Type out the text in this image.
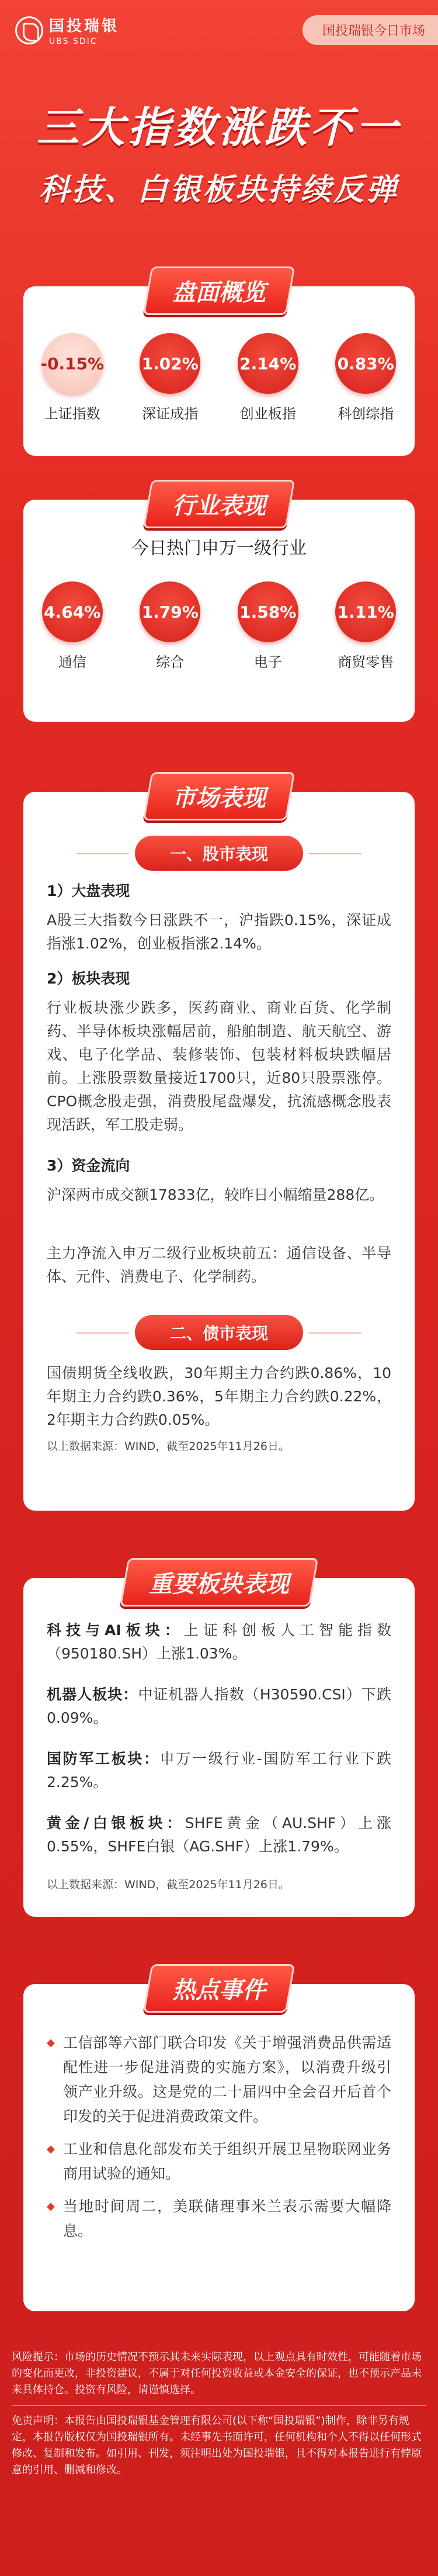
国投瑞银
UBS SDIC
国投瑞银今日市场
三大指数涨跌不一
科技、白银板块持续反弹
盘面概览
-0.15%
上证指数
1.02%
深证成指
2.14%
创业板指
0.83%
科创综指
行业表现
今日热门申万一级行业
4.64%
通信
1.79%
综合
1.58%
电子
1.11%
商贸零售
市场表现
一、股市表现
1）大盘表现
A股三大指数今日涨跌不一，沪指跌0.15%，深证成指涨1.02%，创业板指涨2.14%。
2）板块表现
行业板块涨少跌多，医药商业、商业百货、化学制药、半导体板块涨幅居前，船舶制造、航天航空、游戏、电子化学品、装修装饰、包装材料板块跌幅居前。上涨股票数量接近1700只，近80只股票涨停。CPO概念股走强，消费股尾盘爆发，抗流感概念股表现活跃，军工股走弱。
3）资金流向
沪深两市成交额17833亿，较昨日小幅缩量288亿。
主力净流入申万二级行业板块前五：通信设备、半导体、元件、消费电子、化学制药。
二、债市表现
国债期货全线收跌，30年期主力合约跌0.86%，10年期主力合约跌0.36%，5年期主力合约跌0.22%，2年期主力合约跌0.05%。
以上数据来源：WIND，截至2025年11月26日。
重要板块表现
科技与AI板块：上证科创板人工智能指数（950180.SH）上涨1.03%。
机器人板块：中证机器人指数（H30590.CSI）下跌0.09%。
国防军工板块：申万一级行业-国防军工行业下跌2.25%。
黄金/白银板块：SHFE黄金（AU.SHF）上涨0.55%，SHFE白银（AG.SHF）上涨1.79%。
以上数据来源：WIND，截至2025年11月26日。
热点事件
◆ 工信部等六部门联合印发《关于增强消费品供需适配性进一步促进消费的实施方案》，以消费升级引领产业升级。这是党的二十届四中全会召开后首个印发的关于促进消费政策文件。
◆ 工业和信息化部发布关于组织开展卫星物联网业务商用试验的通知。
◆ 当地时间周二，美联储理事米兰表示需要大幅降息。

风险提示：市场的历史情况不预示其未来实际表现，以上观点具有时效性，可能随着市场的变化而更改，非投资建议，不属于对任何投资收益或本金安全的保证，也不预示产品未来具体持仓。投资有风险，请谨慎选择。

免责声明：本报告由国投瑞银基金管理有限公司(以下称“国投瑞银”)制作，除非另有规定，本报告版权仅为国投瑞银所有。未经事先书面许可，任何机构和个人不得以任何形式修改、复制和发布。如引用、刊发，须注明出处为国投瑞银，且不得对本报告进行有悖原意的引用、删减和修改。
